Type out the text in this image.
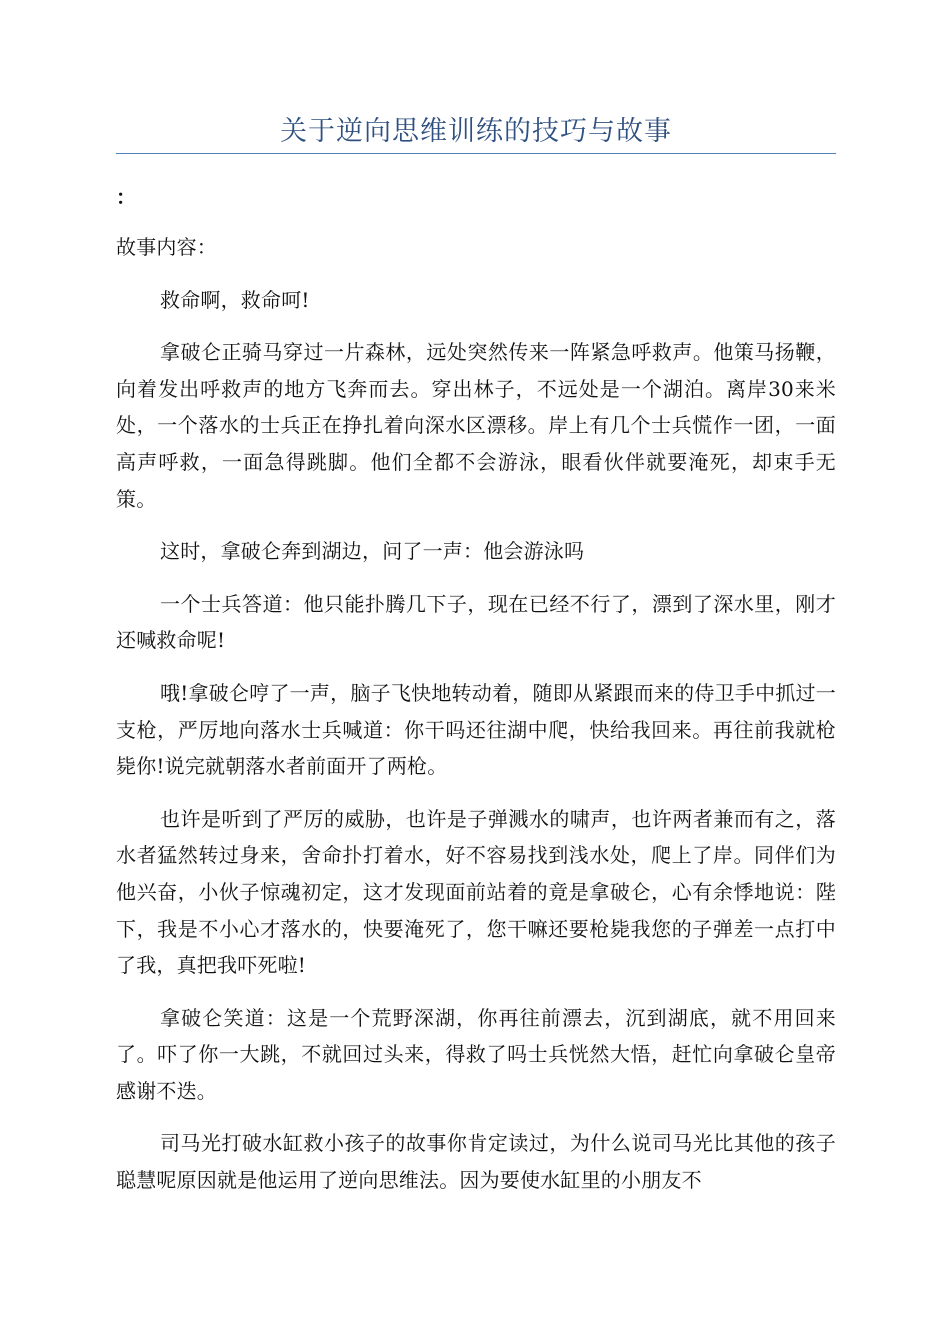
关于逆向思维训练的技巧与故事
：

故事内容：

救命啊，救命呵!

拿破仑正骑马穿过一片森林，远处突然传来一阵紧急呼救声。他策马扬鞭，向着发出呼救声的地方飞奔而去。穿出林子，不远处是一个湖泊。离岸30来米处，一个落水的士兵正在挣扎着向深水区漂移。岸上有几个士兵慌作一团，一面高声呼救，一面急得跳脚。他们全都不会游泳，眼看伙伴就要淹死，却束手无策。

这时，拿破仑奔到湖边，问了一声：他会游泳吗

一个士兵答道：他只能扑腾几下子，现在已经不行了，漂到了深水里，刚才还喊救命呢!

哦!拿破仑哼了一声，脑子飞快地转动着，随即从紧跟而来的侍卫手中抓过一支枪，严厉地向落水士兵喊道：你干吗还往湖中爬，快给我回来。再往前我就枪毙你!说完就朝落水者前面开了两枪。

也许是听到了严厉的威胁，也许是子弹溅水的啸声，也许两者兼而有之，落水者猛然转过身来，舍命扑打着水，好不容易找到浅水处，爬上了岸。同伴们为他兴奋，小伙子惊魂初定，这才发现面前站着的竟是拿破仑，心有余悸地说：陛下，我是不小心才落水的，快要淹死了，您干嘛还要枪毙我您的子弹差一点打中了我，真把我吓死啦!

拿破仑笑道：这是一个荒野深湖，你再往前漂去，沉到湖底，就不用回来了。吓了你一大跳，不就回过头来，得救了吗士兵恍然大悟，赶忙向拿破仑皇帝感谢不迭。

司马光打破水缸救小孩子的故事你肯定读过，为什么说司马光比其他的孩子聪慧呢原因就是他运用了逆向思维法。因为要使水缸里的小朋友不
